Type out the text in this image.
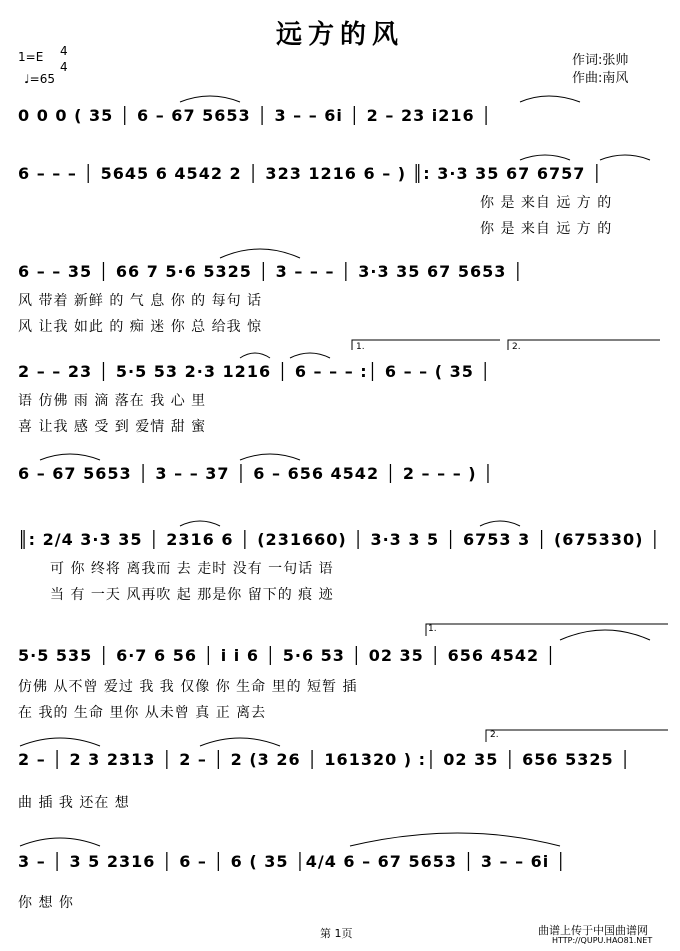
远方的风
1=E 4
4
♩=65
作词:张帅
作曲:南风
0 0 0 ( 35 │ 6 – 67 5653 │ 3 – – 6i │ 2 – 23 i216 │
6 – – – │ 5645 6 4542 2 │ 323 1216 6 – ) ║: 3·3 35 67 6757 │
你 是 来自 远 方 的
你 是 来自 远 方 的
6 – – 35 │ 66 7 5·6 5325 │ 3 – – – │ 3·3 35 67 5653 │
风 带着 新鲜 的 气 息 你 的 每句 话
风 让我 如此 的 痴 迷 你 总 给我 惊
1.	2.
2 – – 23 │ 5·5 53 2·3 1216 │ 6 – – – :│ 6 – – ( 35 │
语 仿佛 雨 滴 落在 我 心 里
喜 让我 感 受 到 爱情 甜 蜜
6 – 67 5653 │ 3 – – 37 │ 6 – 656 4542 │ 2 – – – ) │
║: 2/4 3·3 35 │ 2316 6 │ (231660) │ 3·3 3 5 │ 6753 3 │ (675330) │
可 你 终将 离我而 去 走时 没有 一句话 语
当 有 一天 风再吹 起 那是你 留下的 痕 迹
1.
5·5 535 │ 6·7 6 56 │ i i 6 │ 5·6 53 │ 02 35 │ 656 4542 │
仿佛 从不曾 爱过 我 我 仅像 你 生命 里的 短暂 插
在 我的 生命 里你 从未曾 真 正 离去
2.
2 – │ 2 3 2313 │ 2 – │ 2 (3 26 │ 161320 ) :│ 02 35 │ 656 5325 │
曲 插 我 还在 想
3 – │ 3 5 2316 │ 6 – │ 6 ( 35 │4/4 6 – 67 5653 │ 3 – – 6i │
你 想 你
第 1页	曲谱上传于中国曲谱网
HTTP://QUPU.HAO81.NET
